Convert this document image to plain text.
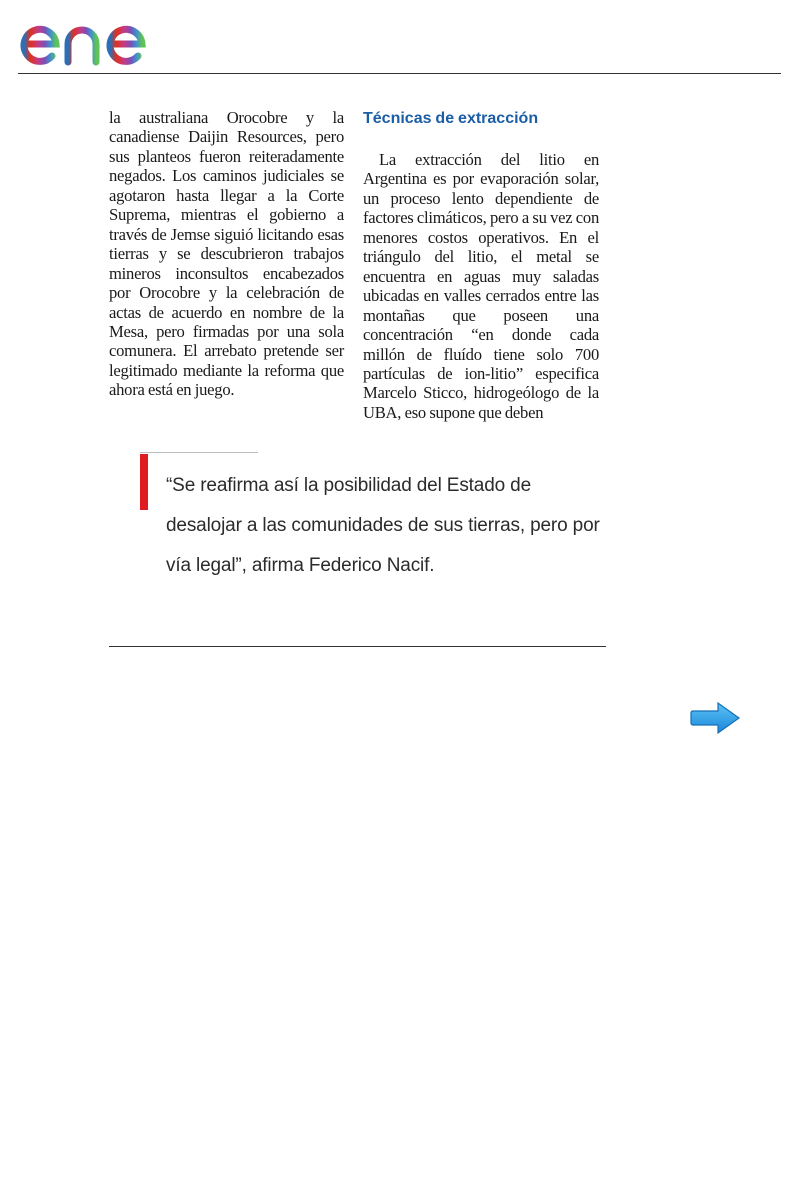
la australiana Orocobre y la canadiense Daijin Resources, pero sus planteos fueron reiteradamente negados. Los caminos judiciales se agotaron hasta llegar a la Corte Suprema, mientras el gobierno a través de Jemse siguió licitando esas tierras y se descubrieron trabajos mineros inconsultos encabezados por Orocobre y la celebración de actas de acuerdo en nombre de la Mesa, pero firmadas por una sola comunera. El arrebato pretende ser legitimado mediante la reforma que ahora está en juego.

Técnicas de extracción

La extracción del litio en Argentina es por evaporación solar, un proceso lento dependiente de factores climáticos, pero a su vez con menores costos operativos. En el triángulo del litio, el metal se encuentra en aguas muy saladas ubicadas en valles cerrados entre las montañas que poseen una concentración “en donde cada millón de fluído tiene solo 700 partículas de ion-litio” especifica Marcelo Sticco, hidrogeólogo de la UBA, eso supone que deben

“Se reafirma así la posibilidad del Estado de desalojar a las comunidades de sus tierras, pero por vía legal”, afirma Federico Nacif.
